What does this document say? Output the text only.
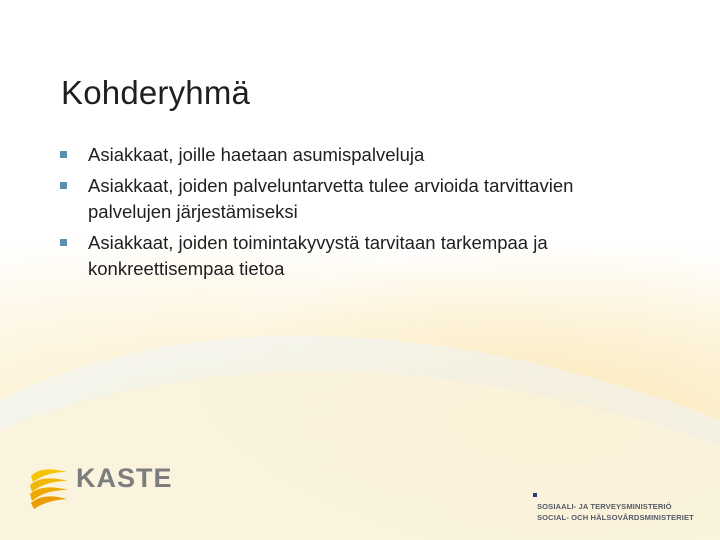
Kohderyhmä
Asiakkaat, joille haetaan asumispalveluja
Asiakkaat, joiden palveluntarvetta tulee arvioida tarvittavien
palvelujen järjestämiseksi
Asiakkaat, joiden toimintakyvystä tarvitaan tarkempaa ja
konkreettisempaa tietoa
KASTE
SOSIAALI- JA TERVEYSMINISTERIÖ
SOCIAL- OCH HÄLSOVÅRDSMINISTERIET
